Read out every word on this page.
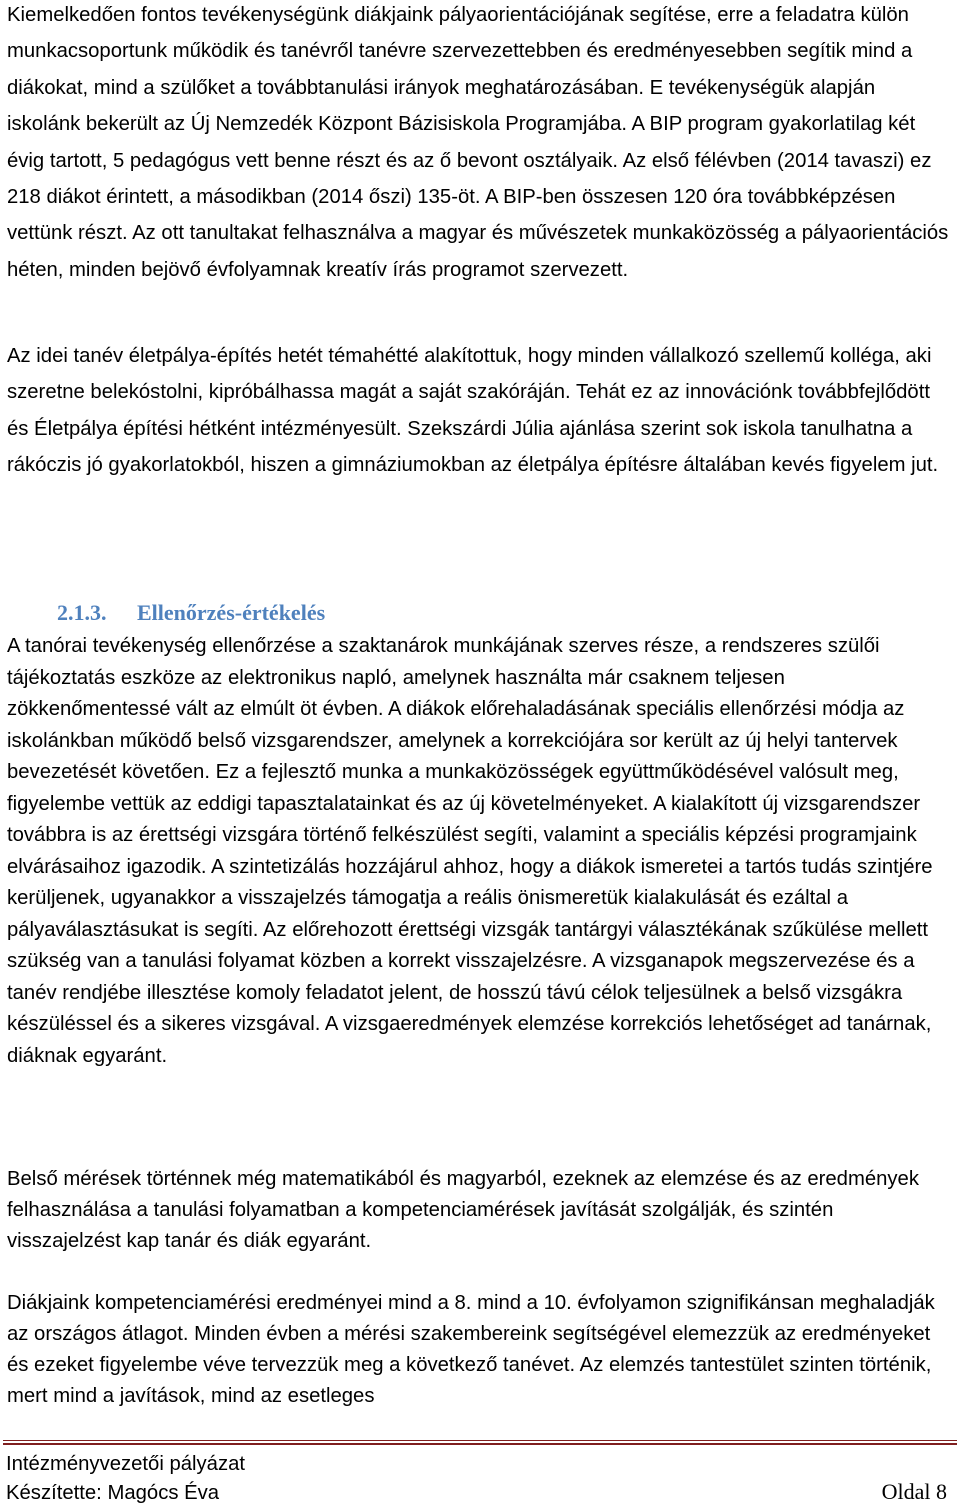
Kiemelkedően fontos tevékenységünk diákjaink pályaorientációjának segítése, erre a feladatra külön munkacsoportunk működik és tanévről tanévre szervezettebben és eredményesebben segítik mind a diákokat, mind a szülőket a továbbtanulási irányok meghatározásában. E tevékenységük alapján iskolánk bekerült az Új Nemzedék Központ Bázisiskola Programjába. A BIP program gyakorlatilag két évig tartott, 5 pedagógus vett benne részt és az ő bevont osztályaik. Az első félévben (2014 tavaszi) ez 218 diákot érintett, a másodikban (2014 őszi) 135-öt. A BIP-ben összesen 120 óra továbbképzésen vettünk részt. Az ott tanultakat felhasználva a magyar és művészetek munkaközösség a pályaorientációs héten, minden bejövő évfolyamnak kreatív írás programot szervezett.

Az idei tanév életpálya-építés hetét témahétté alakítottuk, hogy minden vállalkozó szellemű kolléga, aki szeretne belekóstolni, kipróbálhassa magát a saját szakóráján. Tehát ez az innovációnk továbbfejlődött és Életpálya építési hétként intézményesült. Szekszárdi Júlia ajánlása szerint sok iskola tanulhatna a rákóczis jó gyakorlatokból, hiszen a gimnáziumokban az életpálya építésre általában kevés figyelem jut.

2.1.3. Ellenőrzés-értékelés

A tanórai tevékenység ellenőrzése a szaktanárok munkájának szerves része, a rendszeres szülői tájékoztatás eszköze az elektronikus napló, amelynek használta már csaknem teljesen zökkenőmentessé vált az elmúlt öt évben. A diákok előrehaladásának speciális ellenőrzési módja az iskolánkban működő belső vizsgarendszer, amelynek a korrekciójára sor került az új helyi tantervek bevezetését követően. Ez a fejlesztő munka a munkaközösségek együttműködésével valósult meg, figyelembe vettük az eddigi tapasztalatainkat és az új követelményeket. A kialakított új vizsgarendszer továbbra is az érettségi vizsgára történő felkészülést segíti, valamint a speciális képzési programjaink elvárásaihoz igazodik. A szintetizálás hozzájárul ahhoz, hogy a diákok ismeretei a tartós tudás szintjére kerüljenek, ugyanakkor a visszajelzés támogatja a reális önismeretük kialakulását és ezáltal a pályaválasztásukat is segíti. Az előrehozott érettségi vizsgák tantárgyi választékának szűkülése mellett szükség van a tanulási folyamat közben a korrekt visszajelzésre. A vizsganapok megszervezése és a tanév rendjébe illesztése komoly feladatot jelent, de hosszú távú célok teljesülnek a belső vizsgákra készüléssel és a sikeres vizsgával. A vizsgaeredmények elemzése korrekciós lehetőséget ad tanárnak, diáknak egyaránt.

Belső mérések történnek még matematikából és magyarból, ezeknek az elemzése és az eredmények felhasználása a tanulási folyamatban a kompetenciamérések javítását szolgálják, és szintén visszajelzést kap tanár és diák egyaránt.

Diákjaink kompetenciamérési eredményei mind a 8. mind a 10. évfolyamon szignifikánsan meghaladják az országos átlagot. Minden évben a mérési szakembereink segítségével elemezzük az eredményeket és ezeket figyelembe véve tervezzük meg a következő tanévet. Az elemzés tantestület szinten történik, mert mind a javítások, mind az esetleges

Intézményvezetői pályázat

Készítette: Magócs Éva	Oldal 8
